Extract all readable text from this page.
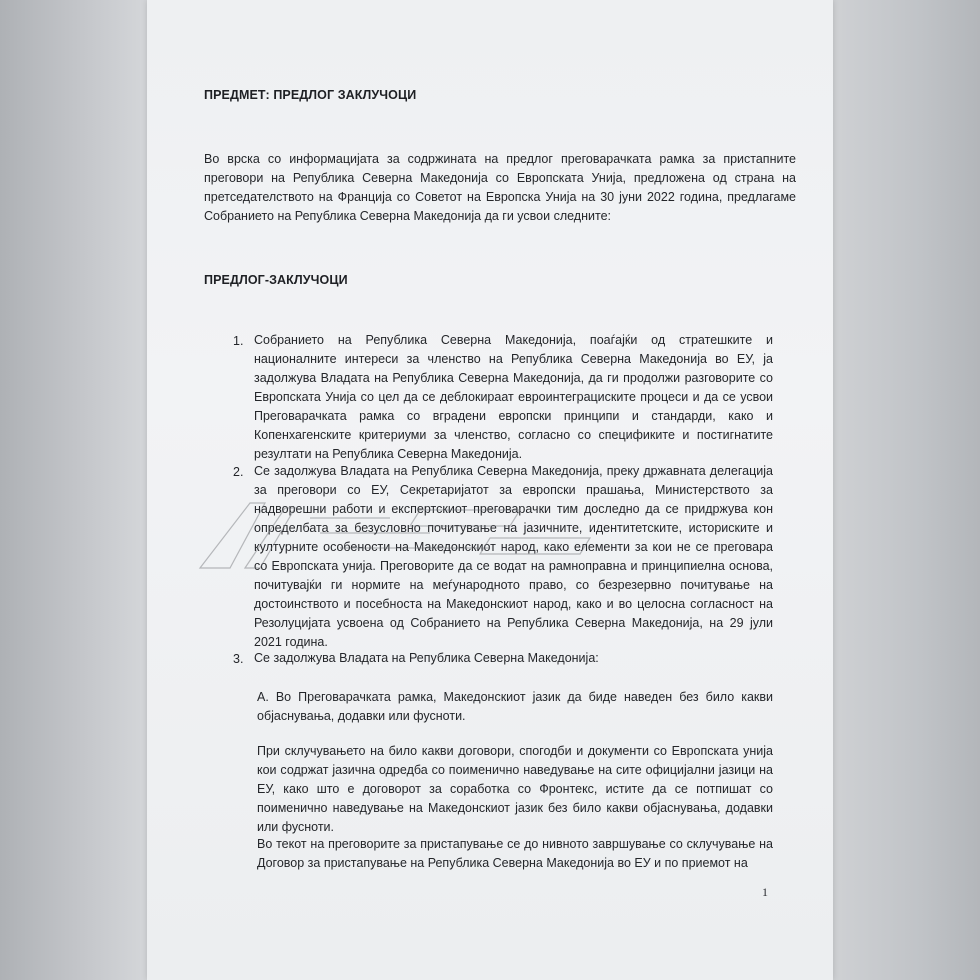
ПРЕДМЕТ: ПРЕДЛОГ ЗАКЛУЧОЦИ
Во врска со информацијата за содржината на предлог преговарачката рамка за пристапните преговори на Република Северна Македонија со Европската Унија, предложена од страна на претседателството на Франција со Советот на Европска Унија на 30 јуни 2022 година, предлагаме Собранието на Република Северна Македонија да ги усвои следните:
ПРЕДЛОГ-ЗАКЛУЧОЦИ
1. Собранието на Република Северна Македонија, поаѓајќи од стратешките и националните интереси за членство на Република Северна Македонија во ЕУ, ја задолжува Владата на Република Северна Македонија, да ги продолжи разговорите со Европската Унија со цел да се деблокираат евроинтеграциските процеси и да се усвои Преговарачката рамка со вградени европски принципи и стандарди, како и Копенхагенските критериуми за членство, согласно со спецификите и постигнатите резултати на Република Северна Македонија.
2. Се задолжува Владата на Република Северна Македонија, преку државната делегација за преговори со ЕУ, Секретаријатот за европски прашања, Министерството за надворешни работи и експертскиот преговарачки тим доследно да се придржува кон определбата за безусловно почитување на јазичните, идентитетските, историските и културните особености на Македонскиот народ, како елементи за кои не се преговара со Европската унија. Преговорите да се водат на рамноправна и принципиелна основа, почитувајќи ги нормите на меѓународното право, со безрезервно почитување на достоинството и посебноста на Македонскиот народ, како и во целосна согласност на Резолуцијата усвоена од Собранието на Република Северна Македонија, на 29 јули 2021 година.
3. Се задолжува Владата на Република Северна Македонија:
А. Во Преговарачката рамка, Македонскиот јазик да биде наведен без било какви објаснувања, додавки или фусноти.
При склучувањето на било какви договори, спогодби и документи со Европската унија кои содржат јазична одредба со поименично наведување на сите официјални јазици на ЕУ, како што е договорот за соработка со Фронтекс, истите да се потпишат со поименично наведување на Македонскиот јазик без било какви објаснувања, додавки или фусноти.
Во текот на преговорите за пристапување се до нивното завршување со склучување на Договор за пристапување на Република Северна Македонија во ЕУ и по приемот на
1
